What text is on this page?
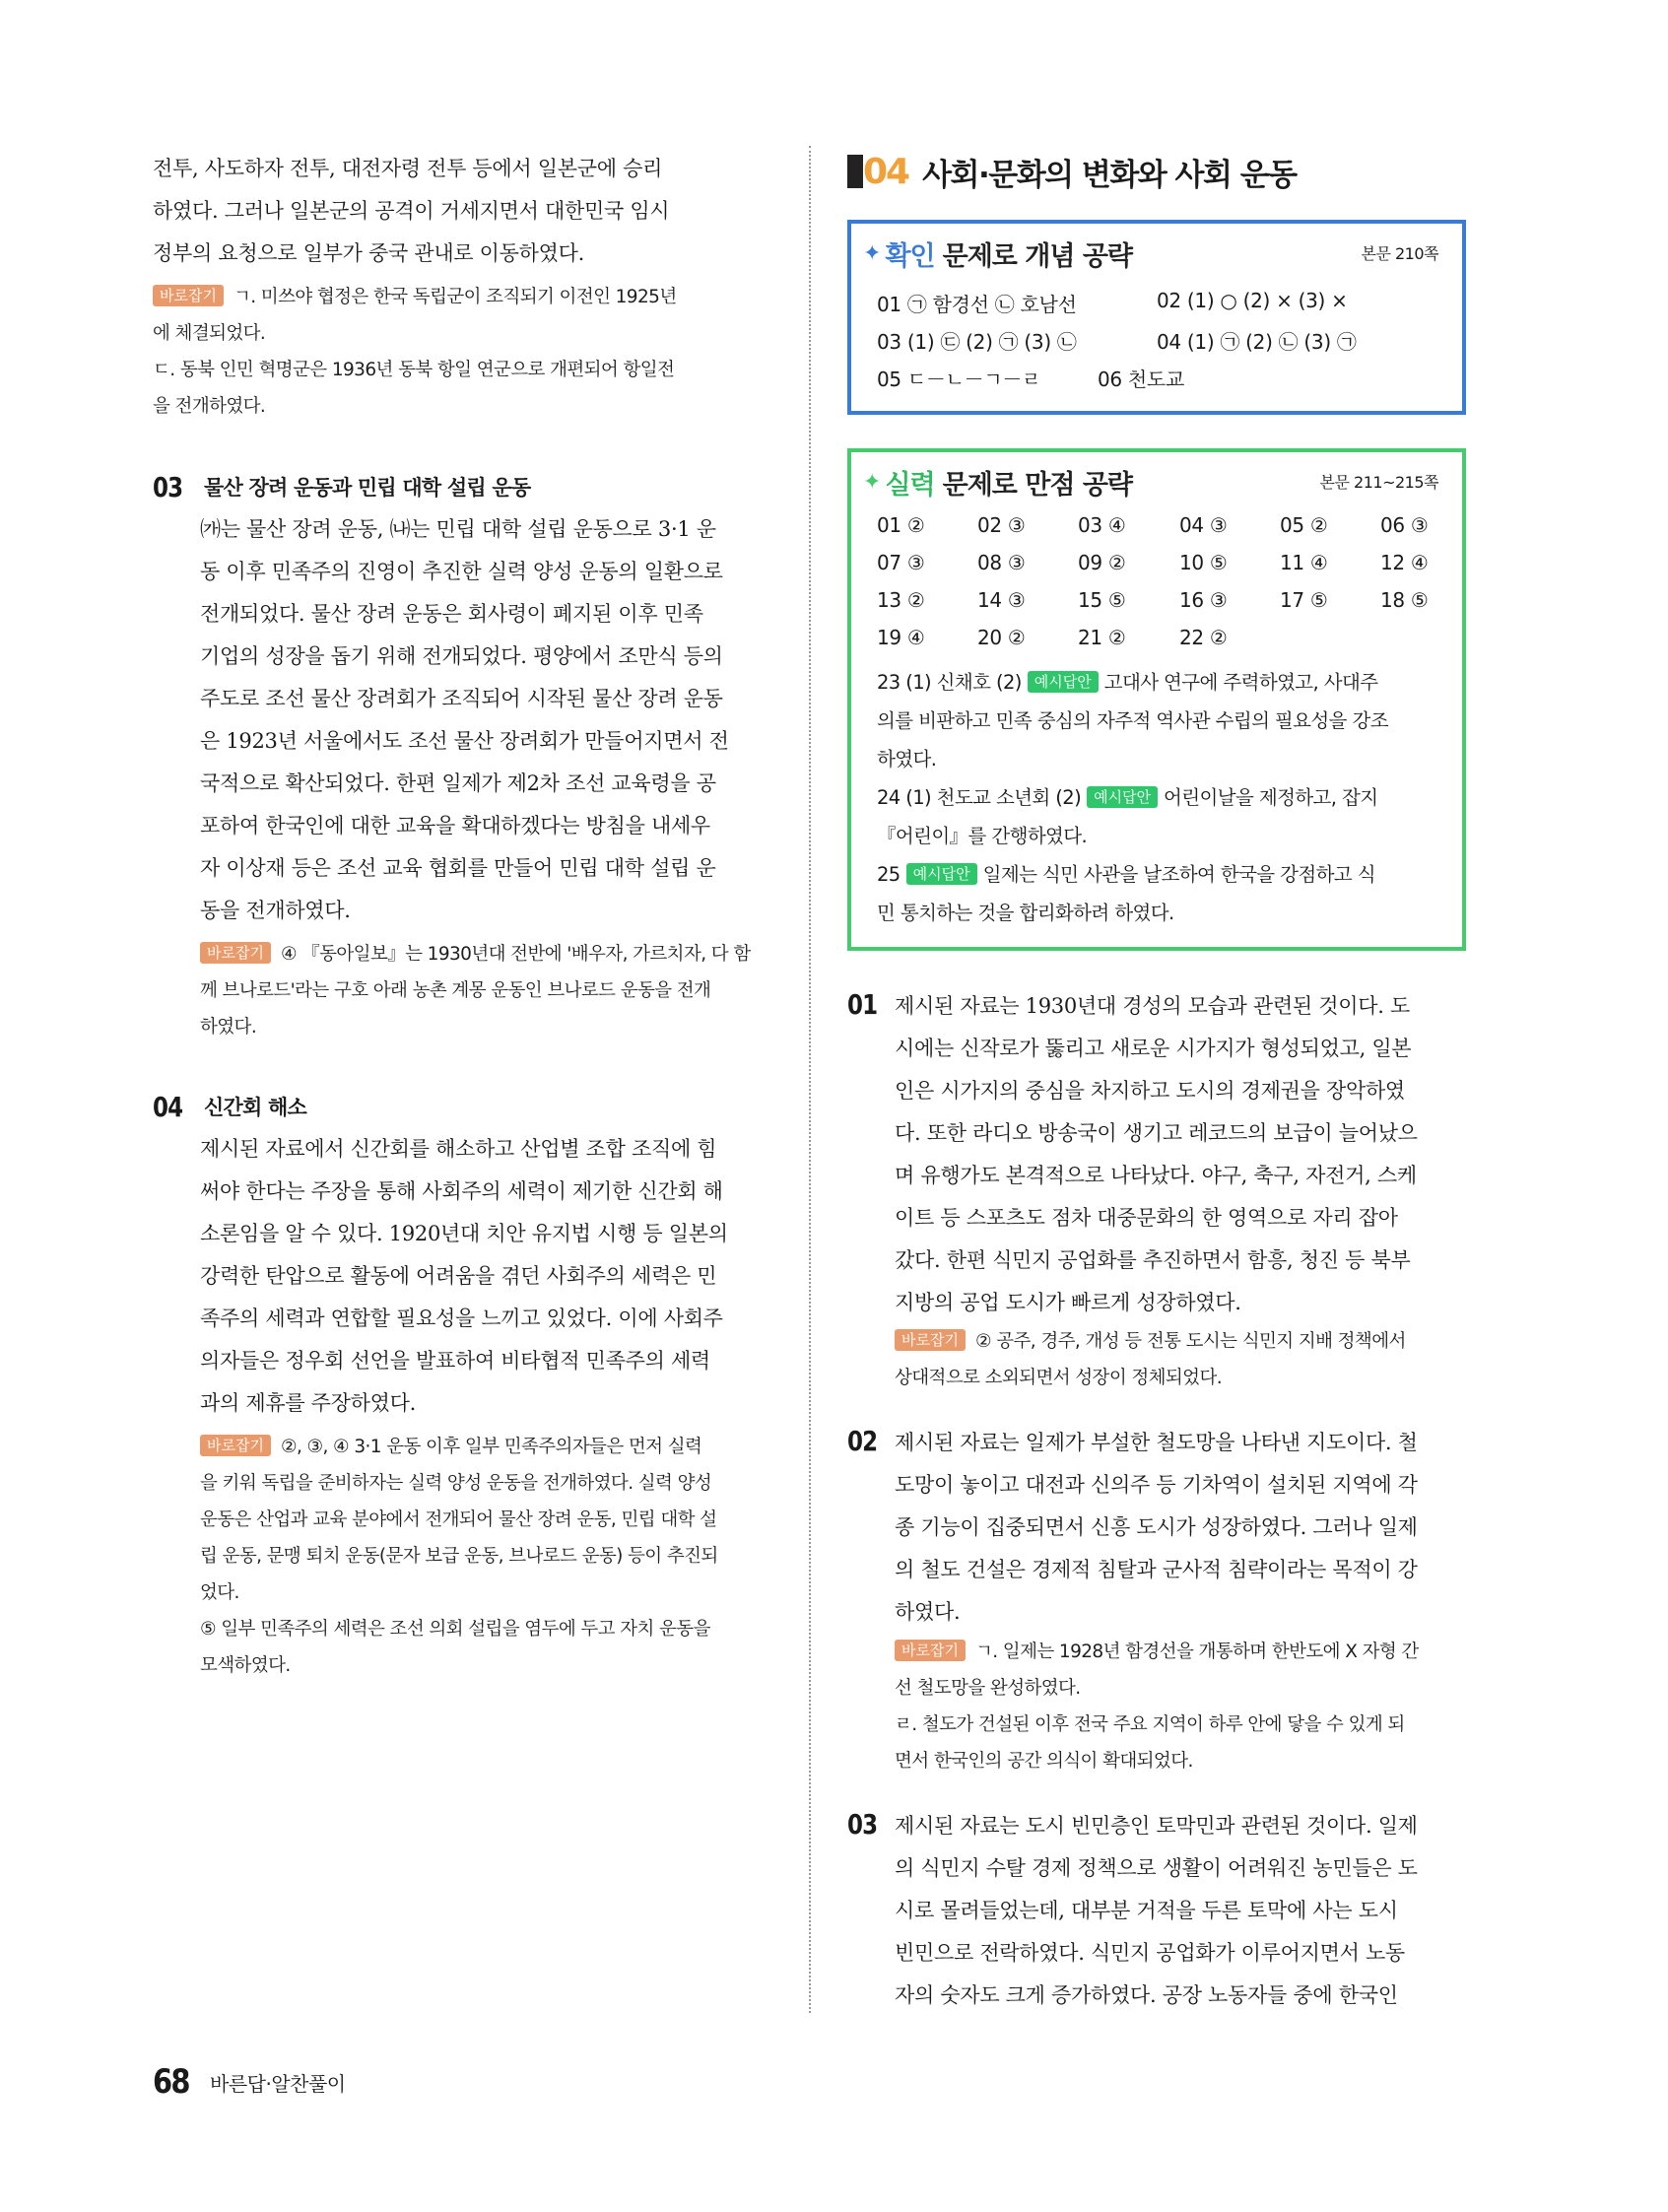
전투, 사도하자 전투, 대전자령 전투 등에서 일본군에 승리
하였다. 그러나 일본군의 공격이 거세지면서 대한민국 임시
정부의 요청으로 일부가 중국 관내로 이동하였다.
바로잡기 ㄱ. 미쓰야 협정은 한국 독립군이 조직되기 이전인 1925년
에 체결되었다.
ㄷ. 동북 인민 혁명군은 1936년 동북 항일 연군으로 개편되어 항일전
을 전개하였다.
03	물산 장려 운동과 민립 대학 설립 운동
㈎는 물산 장려 운동, ㈏는 민립 대학 설립 운동으로 3·1 운
동 이후 민족주의 진영이 추진한 실력 양성 운동의 일환으로
전개되었다. 물산 장려 운동은 회사령이 폐지된 이후 민족
기업의 성장을 돕기 위해 전개되었다. 평양에서 조만식 등의
주도로 조선 물산 장려회가 조직되어 시작된 물산 장려 운동
은 1923년 서울에서도 조선 물산 장려회가 만들어지면서 전
국적으로 확산되었다. 한편 일제가 제2차 조선 교육령을 공
포하여 한국인에 대한 교육을 확대하겠다는 방침을 내세우
자 이상재 등은 조선 교육 협회를 만들어 민립 대학 설립 운
동을 전개하였다.
바로잡기 ④ 『동아일보』는 1930년대 전반에 '배우자, 가르치자, 다 함
께 브나로드'라는 구호 아래 농촌 계몽 운동인 브나로드 운동을 전개
하였다.
04	신간회 해소
제시된 자료에서 신간회를 해소하고 산업별 조합 조직에 힘
써야 한다는 주장을 통해 사회주의 세력이 제기한 신간회 해
소론임을 알 수 있다. 1920년대 치안 유지법 시행 등 일본의
강력한 탄압으로 활동에 어려움을 겪던 사회주의 세력은 민
족주의 세력과 연합할 필요성을 느끼고 있었다. 이에 사회주
의자들은 정우회 선언을 발표하여 비타협적 민족주의 세력
과의 제휴를 주장하였다.
바로잡기 ②, ③, ④ 3·1 운동 이후 일부 민족주의자들은 먼저 실력
을 키워 독립을 준비하자는 실력 양성 운동을 전개하였다. 실력 양성
운동은 산업과 교육 분야에서 전개되어 물산 장려 운동, 민립 대학 설
립 운동, 문맹 퇴치 운동(문자 보급 운동, 브나로드 운동) 등이 추진되
었다.
⑤ 일부 민족주의 세력은 조선 의회 설립을 염두에 두고 자치 운동을
모색하였다.
04 사회·문화의 변화와 사회 운동
✦ 확인 문제로 개념 공략	본문 210쪽
01 ㉠ 함경선 ㉡ 호남선	02 (1) ○ (2) × (3) ×
03 (1) ㉢ (2) ㉠ (3) ㉡	04 (1) ㉠ (2) ㉡ (3) ㉠
05 ㄷ－ㄴ－ㄱ－ㄹ	06 천도교
✦ 실력 문제로 만점 공략	본문 211~215쪽
01 ②	02 ③	03 ④	04 ③	05 ②	06 ③
07 ③	08 ③	09 ②	10 ⑤	11 ④	12 ④
13 ②	14 ③	15 ⑤	16 ③	17 ⑤	18 ⑤
19 ④	20 ②	21 ②	22 ②

23 (1) 신채호 (2) 예시답안 고대사 연구에 주력하였고, 사대주
의를 비판하고 민족 중심의 자주적 역사관 수립의 필요성을 강조
하였다.

24 (1) 천도교 소년회 (2) 예시답안 어린이날을 제정하고, 잡지
『어린이』를 간행하였다.

25 예시답안 일제는 식민 사관을 날조하여 한국을 강점하고 식
민 통치하는 것을 합리화하려 하였다.

01 제시된 자료는 1930년대 경성의 모습과 관련된 것이다. 도
시에는 신작로가 뚫리고 새로운 시가지가 형성되었고, 일본
인은 시가지의 중심을 차지하고 도시의 경제권을 장악하였
다. 또한 라디오 방송국이 생기고 레코드의 보급이 늘어났으
며 유행가도 본격적으로 나타났다. 야구, 축구, 자전거, 스케
이트 등 스포츠도 점차 대중문화의 한 영역으로 자리 잡아
갔다. 한편 식민지 공업화를 추진하면서 함흥, 청진 등 북부
지방의 공업 도시가 빠르게 성장하였다.
바로잡기 ② 공주, 경주, 개성 등 전통 도시는 식민지 지배 정책에서
상대적으로 소외되면서 성장이 정체되었다.
02 제시된 자료는 일제가 부설한 철도망을 나타낸 지도이다. 철
도망이 놓이고 대전과 신의주 등 기차역이 설치된 지역에 각
종 기능이 집중되면서 신흥 도시가 성장하였다. 그러나 일제
의 철도 건설은 경제적 침탈과 군사적 침략이라는 목적이 강
하였다.
바로잡기 ㄱ. 일제는 1928년 함경선을 개통하며 한반도에 X 자형 간
선 철도망을 완성하였다.
ㄹ. 철도가 건설된 이후 전국 주요 지역이 하루 안에 닿을 수 있게 되
면서 한국인의 공간 의식이 확대되었다.
03 제시된 자료는 도시 빈민층인 토막민과 관련된 것이다. 일제
의 식민지 수탈 경제 정책으로 생활이 어려워진 농민들은 도
시로 몰려들었는데, 대부분 거적을 두른 토막에 사는 도시
빈민으로 전락하였다. 식민지 공업화가 이루어지면서 노동
자의 숫자도 크게 증가하였다. 공장 노동자들 중에 한국인
68	바른답·알찬풀이
